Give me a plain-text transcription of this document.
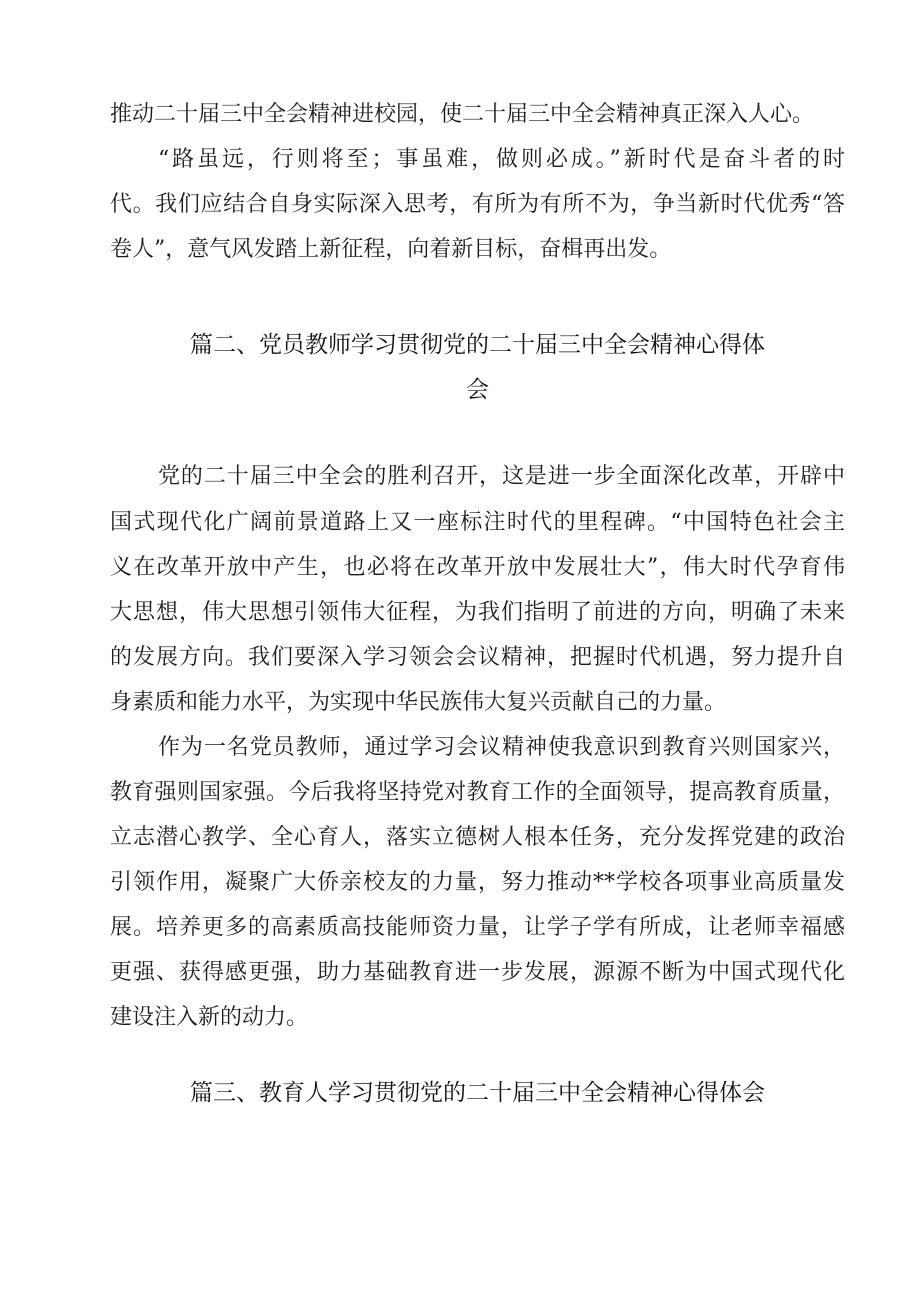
推动二十届三中全会精神进校园，使二十届三中全会精神真正深入人心。
“路虽远，行则将至；事虽难，做则必成。”新时代是奋斗者的时
代。我们应结合自身实际深入思考，有所为有所不为，争当新时代优秀“答
卷人”，意气风发踏上新征程，向着新目标，奋楫再出发。
篇二、党员教师学习贯彻党的二十届三中全会精神心得体
会
党的二十届三中全会的胜利召开，这是进一步全面深化改革，开辟中
国式现代化广阔前景道路上又一座标注时代的里程碑。“中国特色社会主
义在改革开放中产生，也必将在改革开放中发展壮大”，伟大时代孕育伟
大思想，伟大思想引领伟大征程，为我们指明了前进的方向，明确了未来
的发展方向。我们要深入学习领会会议精神，把握时代机遇，努力提升自
身素质和能力水平，为实现中华民族伟大复兴贡献自己的力量。
作为一名党员教师，通过学习会议精神使我意识到教育兴则国家兴，
教育强则国家强。今后我将坚持党对教育工作的全面领导，提高教育质量，
立志潜心教学、全心育人，落实立德树人根本任务，充分发挥党建的政治
引领作用，凝聚广大侨亲校友的力量，努力推动**学校各项事业高质量发
展。培养更多的高素质高技能师资力量，让学子学有所成，让老师幸福感
更强、获得感更强，助力基础教育进一步发展，源源不断为中国式现代化
建设注入新的动力。
篇三、教育人学习贯彻党的二十届三中全会精神心得体会
